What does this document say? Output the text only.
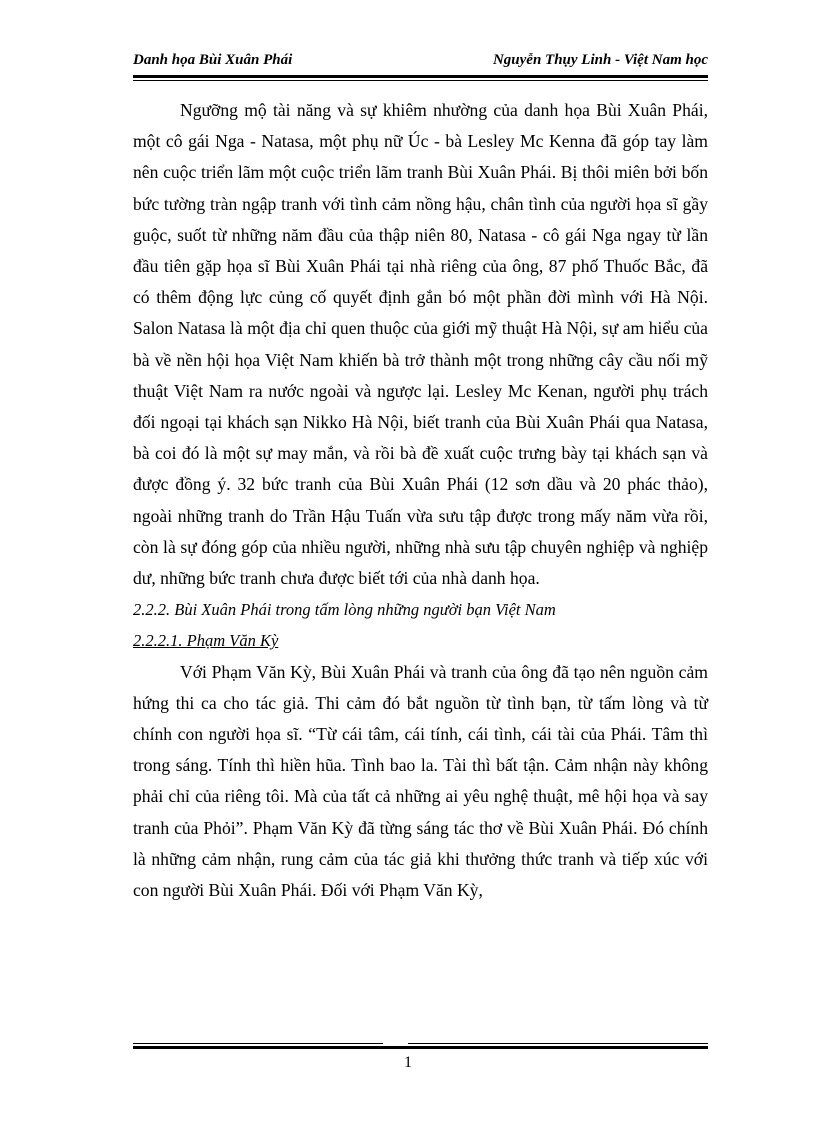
Danh họa Bùi Xuân Phái	Nguyễn Thụy Linh - Việt Nam học

Ngưỡng mộ tài năng và sự khiêm nhường của danh họa Bùi Xuân Phái, một cô gái Nga - Natasa, một phụ nữ Úc - bà Lesley Mc Kenna đã góp tay làm nên cuộc triển lãm một cuộc triển lãm tranh Bùi Xuân Phái. Bị thôi miên bởi bốn bức tường tràn ngập tranh với tình cảm nồng hậu, chân tình của người họa sĩ gầy guộc, suốt từ những năm đầu của thập niên 80, Natasa - cô gái Nga ngay từ lần đầu tiên gặp họa sĩ Bùi Xuân Phái tại nhà riêng của ông, 87 phố Thuốc Bắc, đã có thêm động lực củng cố quyết định gắn bó một phần đời mình với Hà Nội. Salon Natasa là một địa chỉ quen thuộc của giới mỹ thuật Hà Nội, sự am hiểu của bà về nền hội họa Việt Nam khiến bà trở thành một trong những cây cầu nối mỹ thuật Việt Nam ra nước ngoài và ngược lại. Lesley Mc Kenan, người phụ trách đối ngoại tại khách sạn Nikko Hà Nội, biết tranh của Bùi Xuân Phái qua Natasa, bà coi đó là một sự may mắn, và rồi bà đề xuất cuộc trưng bày tại khách sạn và được đồng ý. 32 bức tranh của Bùi Xuân Phái (12 sơn dầu và 20 phác thảo), ngoài những tranh do Trần Hậu Tuấn vừa sưu tập được trong mấy năm vừa rồi, còn là sự đóng góp của nhiều người, những nhà sưu tập chuyên nghiệp và nghiệp dư, những bức tranh chưa được biết tới của nhà danh họa.

2.2.2. Bùi Xuân Phái trong tấm lòng những người bạn Việt Nam
2.2.2.1. Phạm Văn Kỳ

Với Phạm Văn Kỳ, Bùi Xuân Phái và tranh của ông đã tạo nên nguồn cảm hứng thi ca cho tác giả. Thi cảm đó bắt nguồn từ tình bạn, từ tấm lòng và từ chính con người họa sĩ. “Từ cái tâm, cái tính, cái tình, cái tài của Phái. Tâm thì trong sáng. Tính thì hiền hũa. Tình bao la. Tài thì bất tận. Cảm nhận này không phải chỉ của riêng tôi. Mà của tất cả những ai yêu nghệ thuật, mê hội họa và say tranh của Phỏi”. Phạm Văn Kỳ đã từng sáng tác thơ về Bùi Xuân Phái. Đó chính là những cảm nhận, rung cảm của tác giả khi thưởng thức tranh và tiếp xúc với con người Bùi Xuân Phái. Đối với Phạm Văn Kỳ,

1
